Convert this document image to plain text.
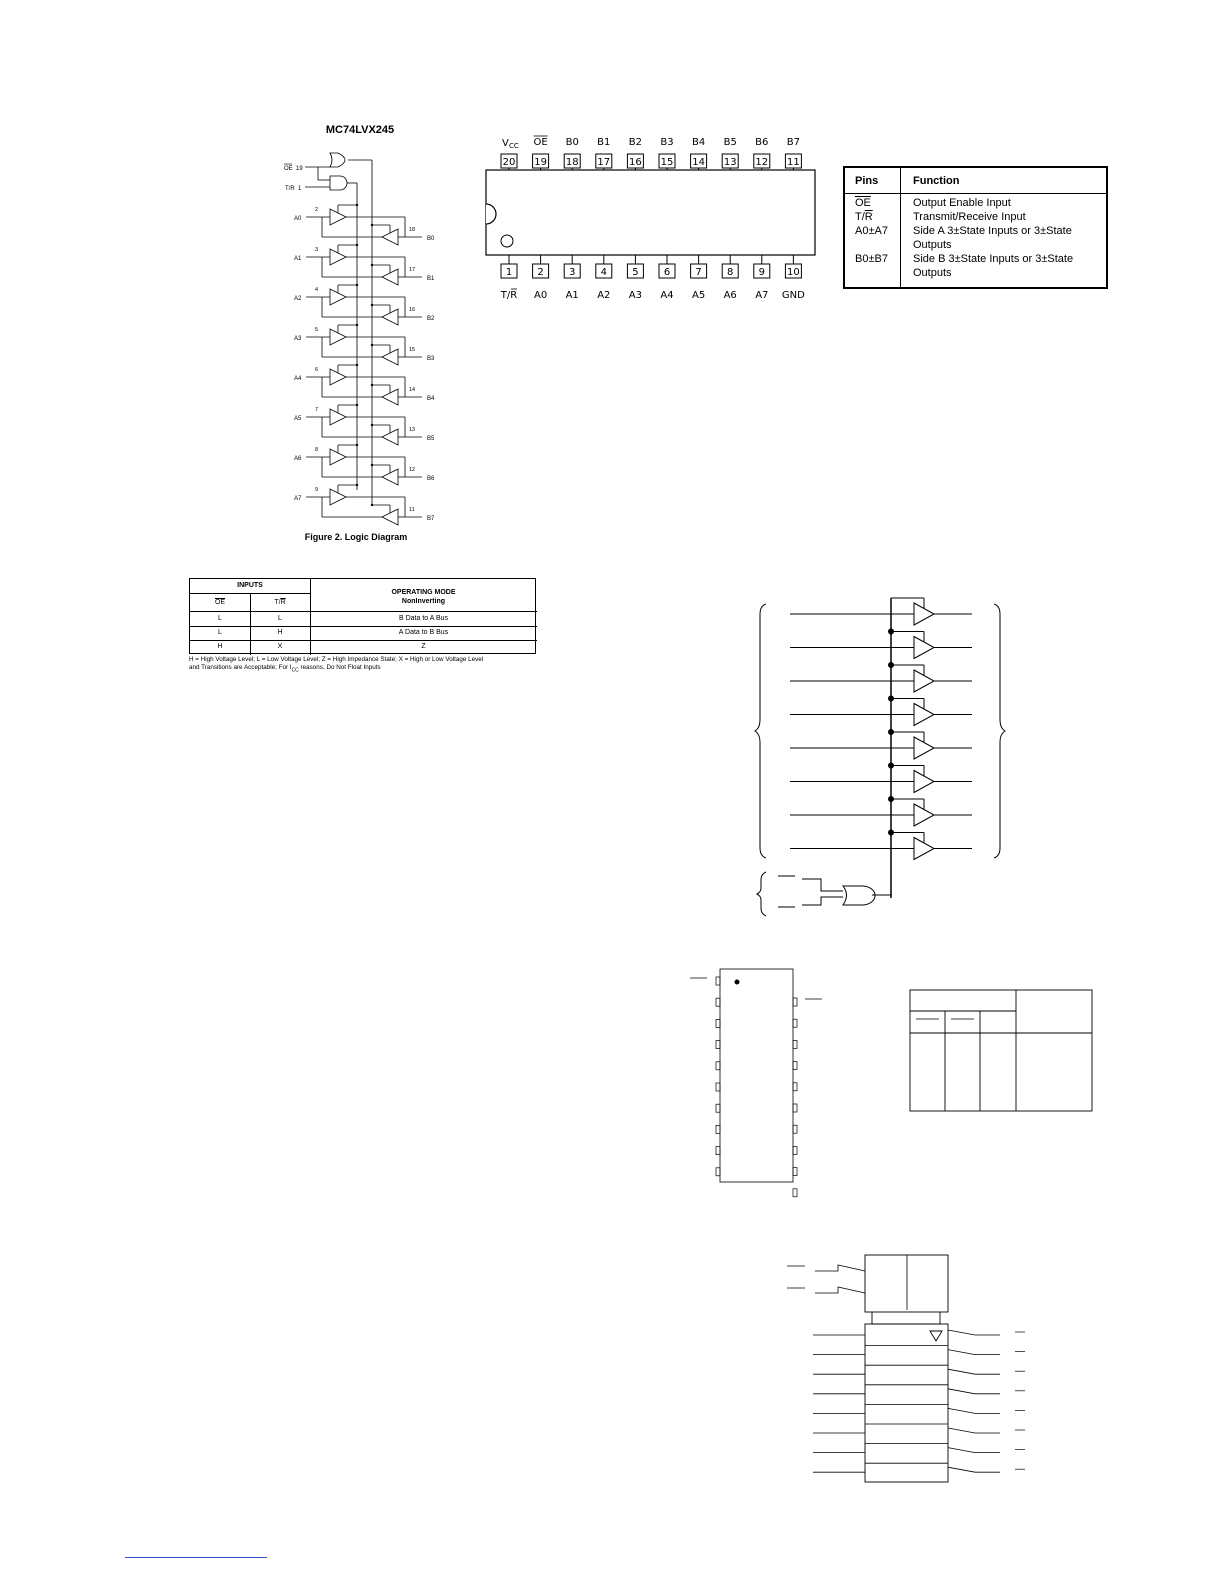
MC74LVX245
OE 19
T/R 1
A0
2
18
B0
A1
3
17
B1
A2
4
16
B2
A3
5
15
B3
A4
6
14
B4
A5
7
13
B5
A6
8
12
B6
A7
9
11
B7
Figure 2. Logic Diagram
20
1
V CC
T/R
19
2
OE
A0
18
3
B0
A1
17
4
B1
A2
16
5
B2
A3
15
6
B3
A4
14
7
B4
A5
13
8
B5
A6
12
9
B6
A7
11
10
B7
GND
Pins	Function
$\overline{OE}$	Output Enable Input
$T/\overline{R}$	Transmit/Receive Input
A0±A7 Side A 3±State Inputs or 3±State
Outputs
B0±B7 Side B 3±State Inputs or 3±State
Outputs
INPUTS
OPERATING MODE
NonInverting
$\overline{OE}$	$T/\overline{R}$
L	L	B Data to A Bus
L	H	A Data to B Bus
H	X	Z
H = High Voltage Level; L = Low Voltage Level; Z = High Impedance State; X = High or Low Voltage Level
and Transitions are Acceptable; For $I_{CC}$ reasons, Do Not Float Inputs
